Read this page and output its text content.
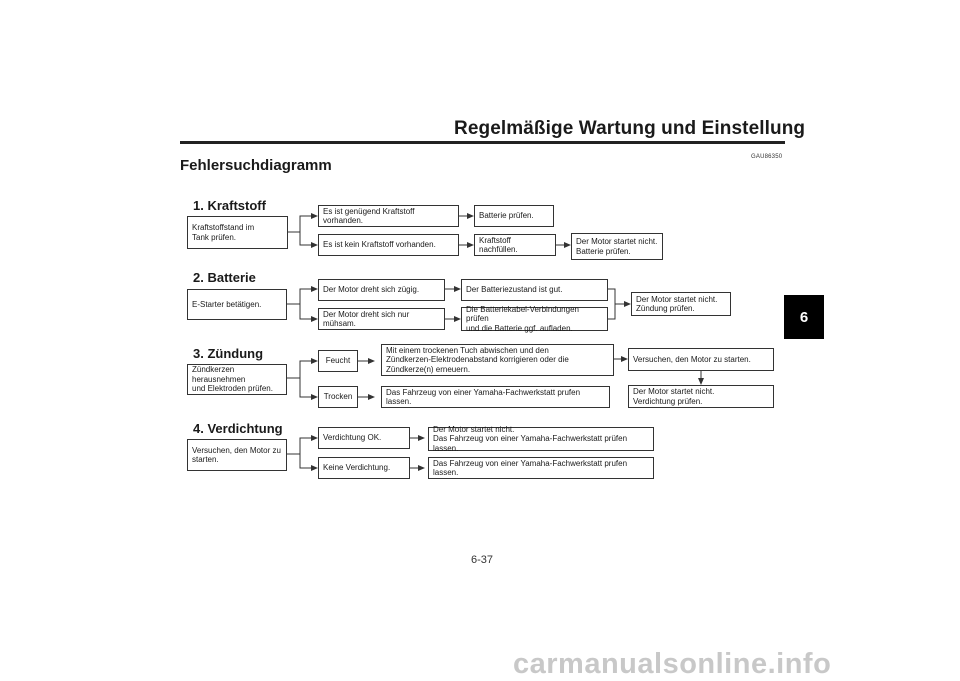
Regelmäßige Wartung und Einstellung
Fehlersuchdiagramm	GAU86350
6
1. Kraftstoff
Kraftstoffstand im
Tank prüfen.
Es ist genügend Kraftstoff vorhanden.
Es ist kein Kraftstoff vorhanden.
Batterie prüfen.
Kraftstoff nachfüllen.
Der Motor startet nicht.
Batterie prüfen.
2. Batterie
E-Starter betätigen.
Der Motor dreht sich zügig.
Der Motor dreht sich nur mühsam.
Der Batteriezustand ist gut.
Die Batteriekabel-Verbindungen prüfen
und die Batterie ggf. aufladen.
Der Motor startet nicht.
Zündung prüfen.
3. Zündung
Zündkerzen herausnehmen
und Elektroden prüfen.
Feucht
Trocken
Mit einem trockenen Tuch abwischen und den
Zündkerzen-Elektrodenabstand korrigieren oder die
Zündkerze(n) erneuern.
Das Fahrzeug von einer Yamaha-Fachwerkstatt prufen lassen.
Versuchen, den Motor zu starten.
Der Motor startet nicht.
Verdichtung prüfen.
4. Verdichtung
Versuchen, den Motor zu
starten.
Verdichtung OK.
Keine Verdichtung.
Der Motor startet nicht.
Das Fahrzeug von einer Yamaha-Fachwerkstatt prüfen lassen.
Das Fahrzeug von einer Yamaha-Fachwerkstatt prufen lassen.
6-37
carmanualsonline.info
